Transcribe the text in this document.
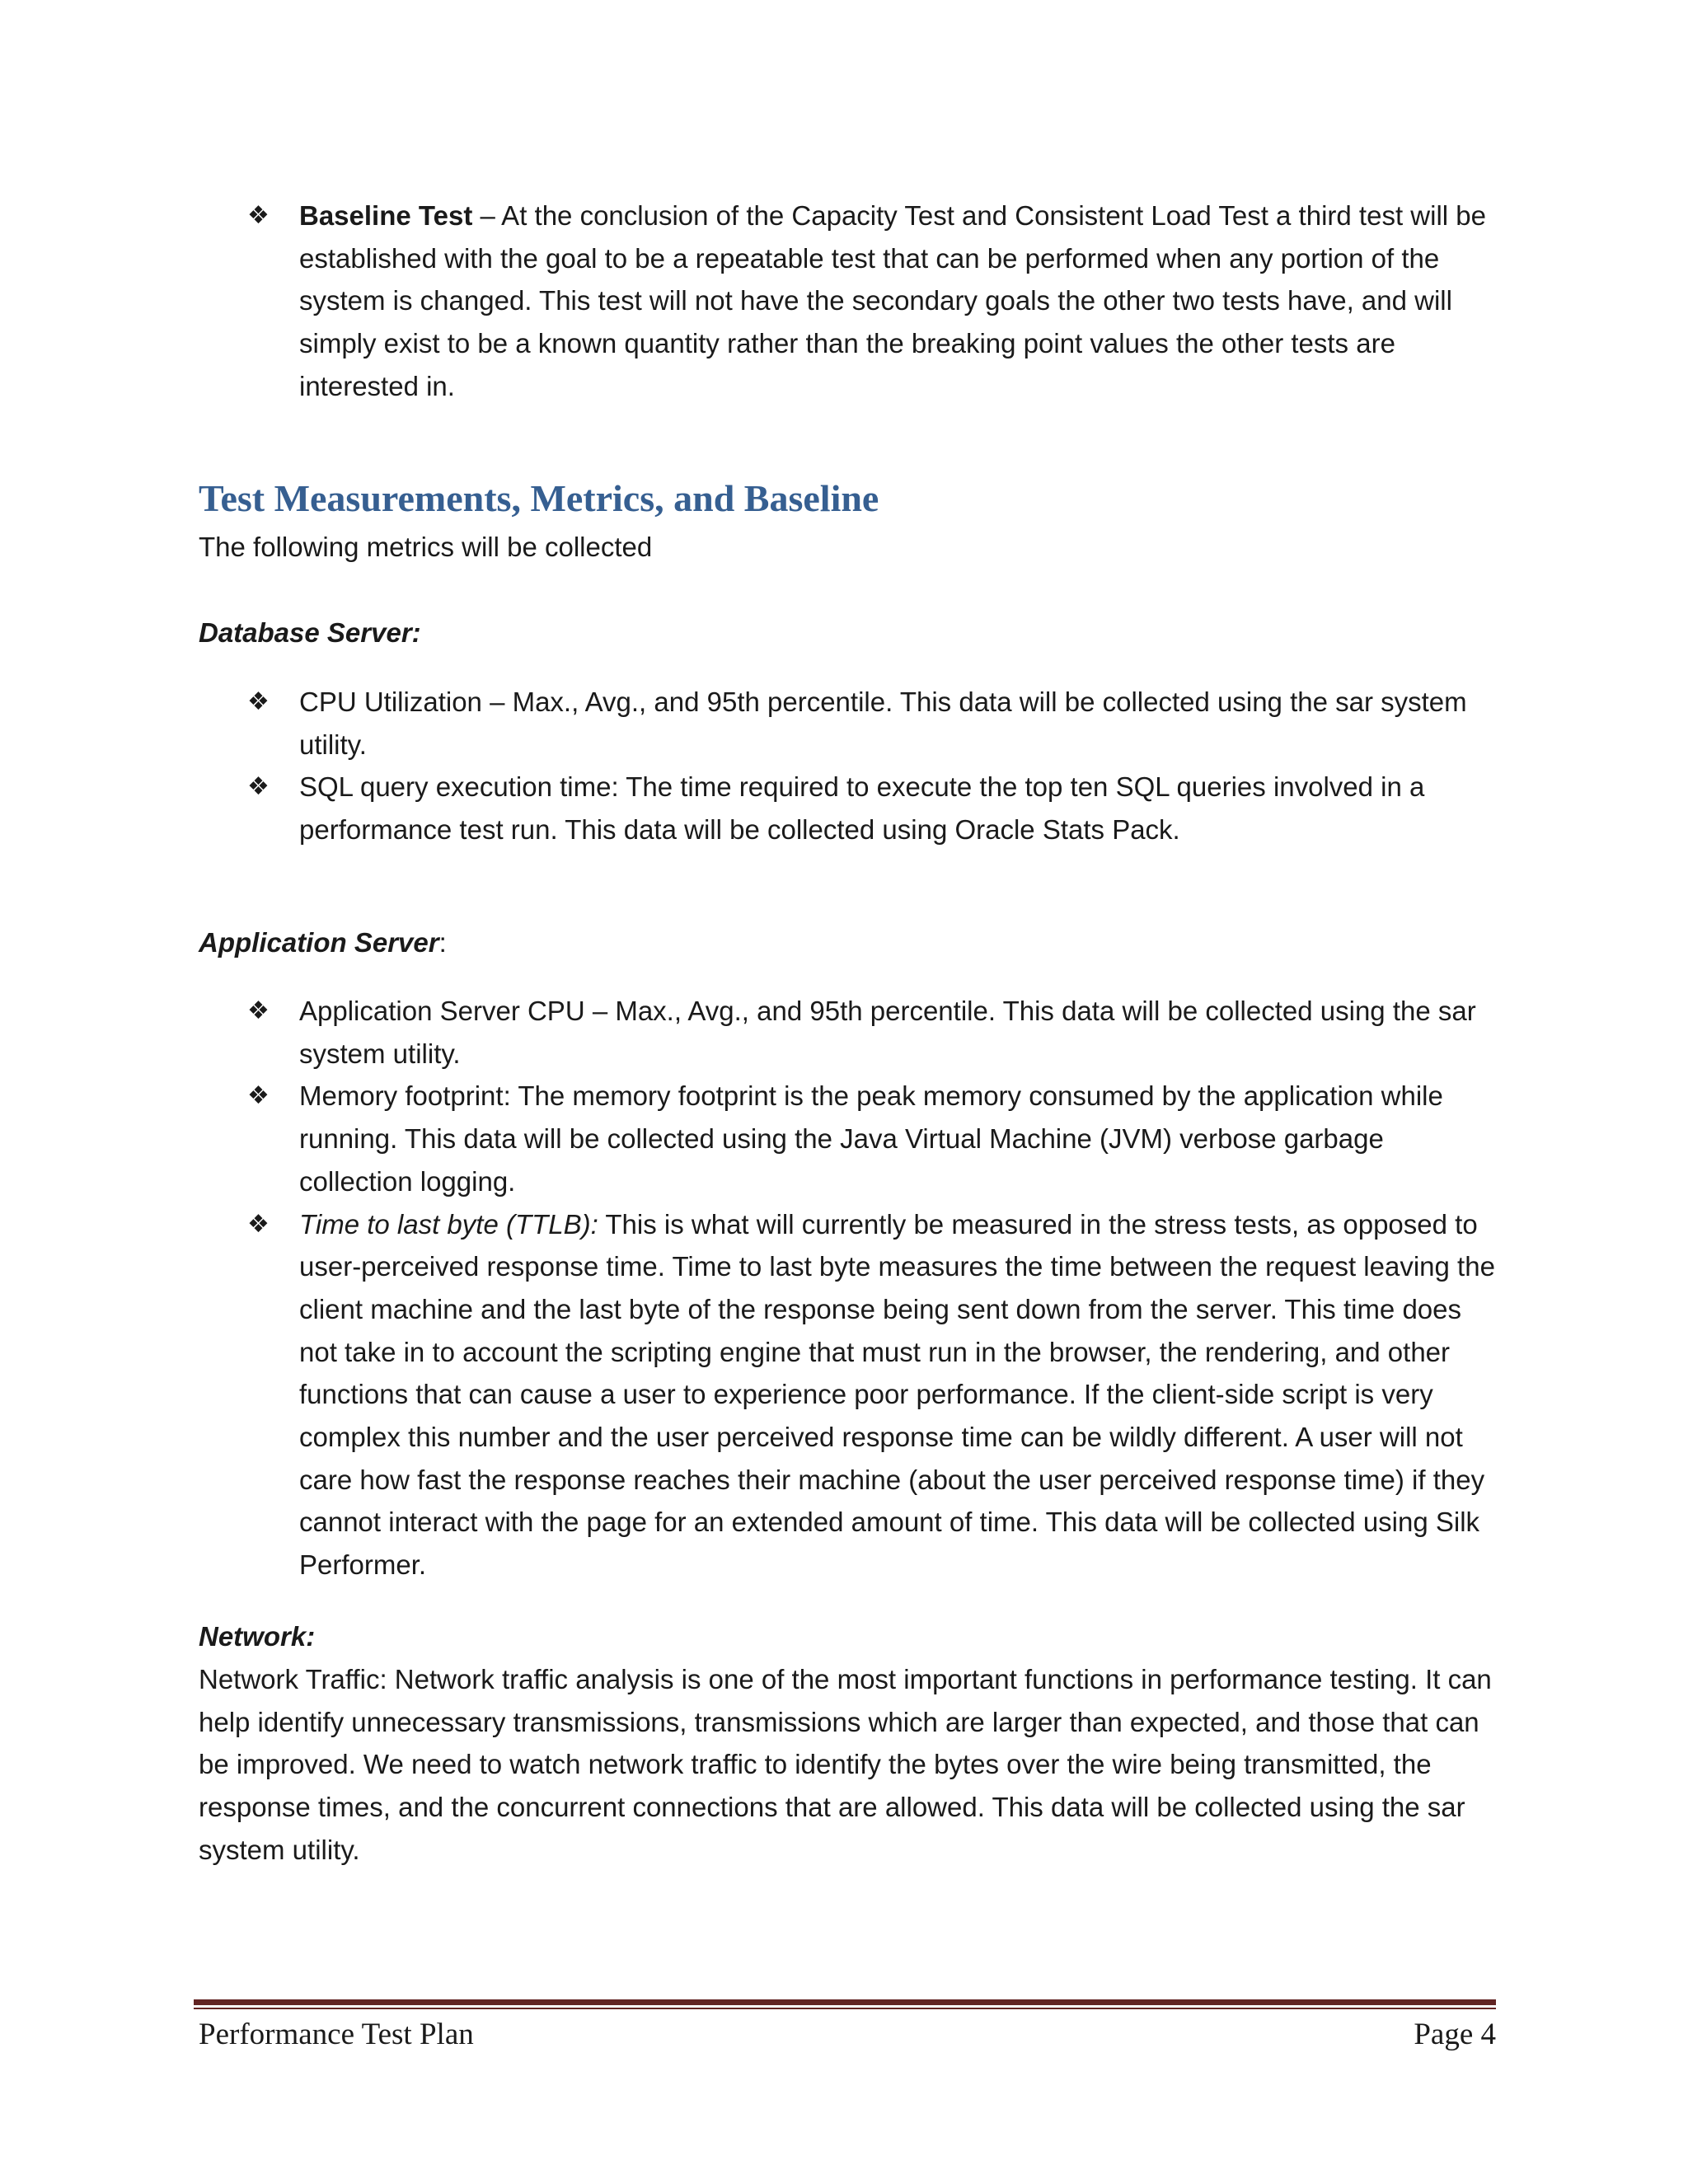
❖ Baseline Test – At the conclusion of the Capacity Test and Consistent Load Test a third test will be established with the goal to be a repeatable test that can be performed when any portion of the system is changed. This test will not have the secondary goals the other two tests have, and will simply exist to be a known quantity rather than the breaking point values the other tests are interested in.
Test Measurements, Metrics, and Baseline
The following metrics will be collected
Database Server:
❖ CPU Utilization – Max., Avg., and 95th percentile. This data will be collected using the sar system utility.
❖ SQL query execution time: The time required to execute the top ten SQL queries involved in a performance test run. This data will be collected using Oracle Stats Pack.
Application Server:
❖ Application Server CPU – Max., Avg., and 95th percentile. This data will be collected using the sar system utility.
❖ Memory footprint: The memory footprint is the peak memory consumed by the application while running. This data will be collected using the Java Virtual Machine (JVM) verbose garbage collection logging.
❖ Time to last byte (TTLB): This is what will currently be measured in the stress tests, as opposed to user-perceived response time. Time to last byte measures the time between the request leaving the client machine and the last byte of the response being sent down from the server. This time does not take in to account the scripting engine that must run in the browser, the rendering, and other functions that can cause a user to experience poor performance. If the client-side script is very complex this number and the user perceived response time can be wildly different. A user will not care how fast the response reaches their machine (about the user perceived response time) if they cannot interact with the page for an extended amount of time. This data will be collected using Silk Performer.
Network:
Network Traffic: Network traffic analysis is one of the most important functions in performance testing. It can help identify unnecessary transmissions, transmissions which are larger than expected, and those that can be improved. We need to watch network traffic to identify the bytes over the wire being transmitted, the response times, and the concurrent connections that are allowed. This data will be collected using the sar system utility.
Performance Test Plan	Page 4
